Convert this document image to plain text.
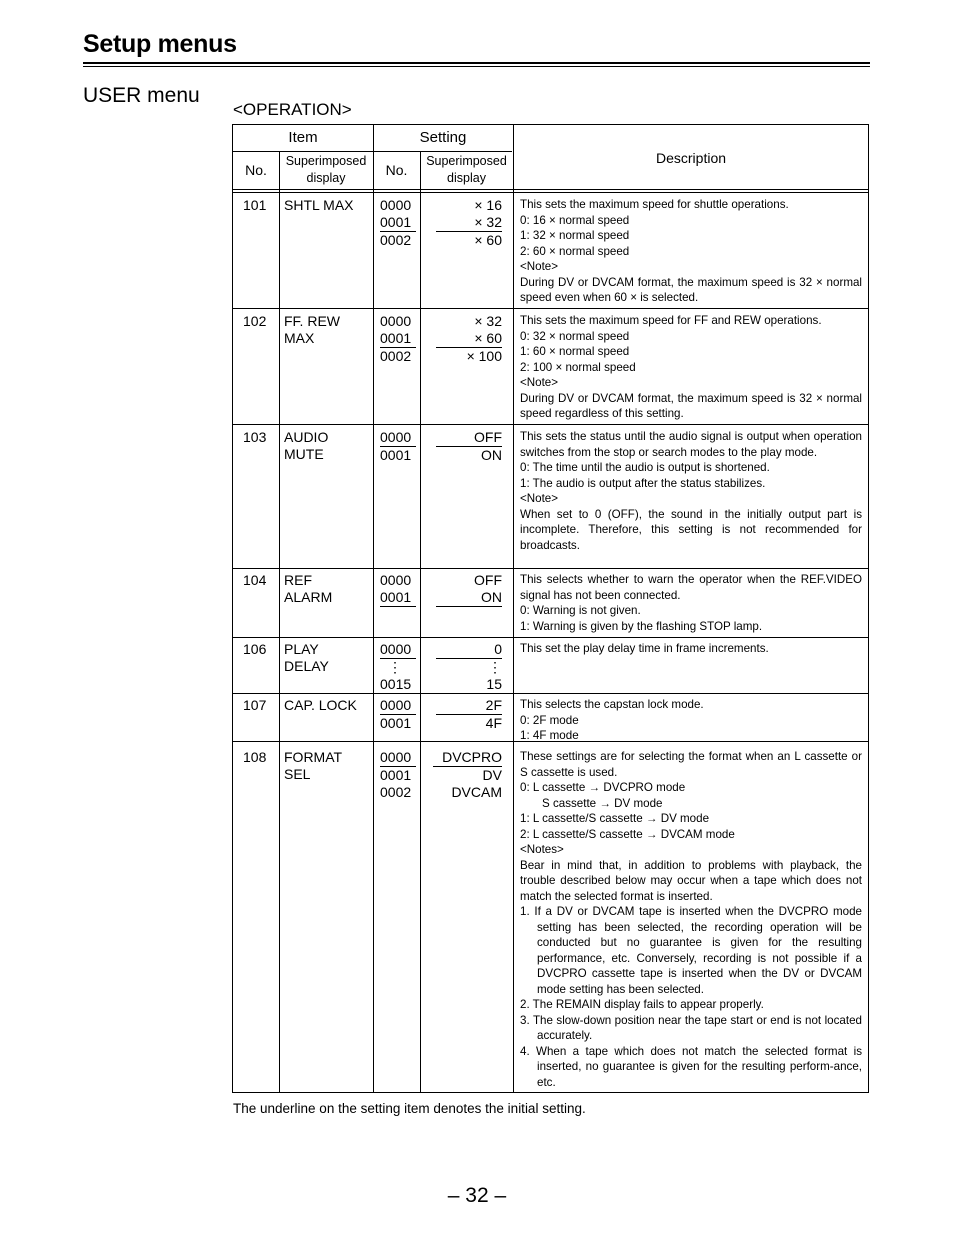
Setup menus
USER menu
<OPERATION>
Item	Setting
No.
Superimposed
display	No.
Superimposed
display
Description
101 SHTL MAX 0000
0001
0002
× 16
× 32
× 60

This sets the maximum speed for shuttle operations.

0: 16 × normal speed

1: 32 × normal speed

2: 60 × normal speed

<Note>

During DV or DVCAM format, the maximum speed is 32 × normal speed even when 60 × is selected.

102 FF. REW
MAX
0000
0001
0002
× 32
× 60
× 100

This sets the maximum speed for FF and REW operations.

0: 32 × normal speed

1: 60 × normal speed

2: 100 × normal speed

<Note>

During DV or DVCAM format, the maximum speed is 32 × normal speed regardless of this setting.

103 AUDIO
MUTE
0000
0001
OFF
ON

This sets the status until the audio signal is output when operation switches from the stop or search modes to the play mode.

0: The time until the audio is output is shortened.

1: The audio is output after the status stabilizes.

<Note>

When set to 0 (OFF), the sound in the initially output part is incomplete. Therefore, this setting is not recommended for broadcasts.

104 REF
ALARM
0000
0001
OFF
ON

This selects whether to warn the operator when the REF.VIDEO signal has not been connected.

0: Warning is not given.

1: Warning is given by the flashing STOP lamp.

106 PLAY
DELAY
0000
⋮
0015
0
⋮
15

This set the play delay time in frame increments.

107 CAP. LOCK 0000
0001
2F
4F

This selects the capstan lock mode.

0: 2F mode

1: 4F mode

108 FORMAT
SEL
0000
0001
0002
DVCPRO
DV
DVCAM

These settings are for selecting the format when an L cassette or S cassette is used.

0: L cassette → DVCPRO mode

S cassette → DV mode

1: L cassette/S cassette → DV mode

2: L cassette/S cassette → DVCAM mode

<Notes>

Bear in mind that, in addition to problems with playback, the trouble described below may occur when a tape which does not match the selected format is inserted.

1. If a DV or DVCAM tape is inserted when the DVCPRO mode setting has been selected, the recording operation will be conducted but no guarantee is given for the resulting performance, etc. Conversely, recording is not possible if a DVCPRO cassette tape is inserted when the DV or DVCAM mode setting has been selected.

2. The REMAIN display fails to appear properly.

3. The slow-down position near the tape start or end is not located accurately.

4. When a tape which does not match the selected format is inserted, no guarantee is given for the resulting perform-ance, etc.

The underline on the setting item denotes the initial setting.
– 32 –
